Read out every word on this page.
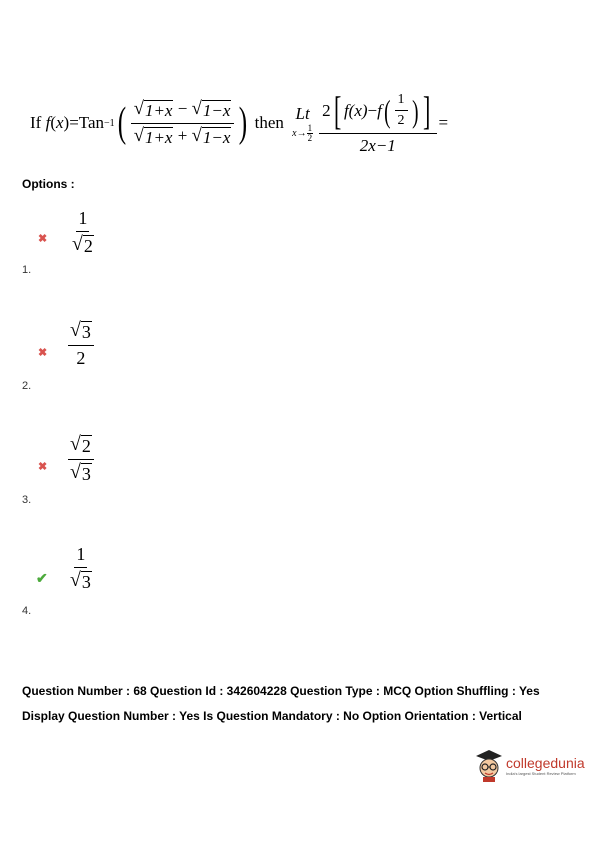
If
f ( x ) = Tan −1 ( $\frac{√ 1+x - √ 1-x}{√ 1+x + √ 1-x}$ )
then
Lt
$x\to \frac{1}{2}$
2 [ f(x) − f ( $\frac{1}{2}$ ) ]
2x−1
=
Options :
✖ $\frac{1}{√ 2}$
1.
✖ $\frac{√ 3}{2}$
2.
✖ $\frac{√ 2}{√ 3}$
3.
✔ $\frac{1}{√ 3}$
4.
Question Number : 68 Question Id : 342604228 Question Type : MCQ Option Shuffling : Yes
Display Question Number : Yes Is Question Mandatory : No Option Orientation : Vertical
collegedunia
India's largest Student Review Platform
